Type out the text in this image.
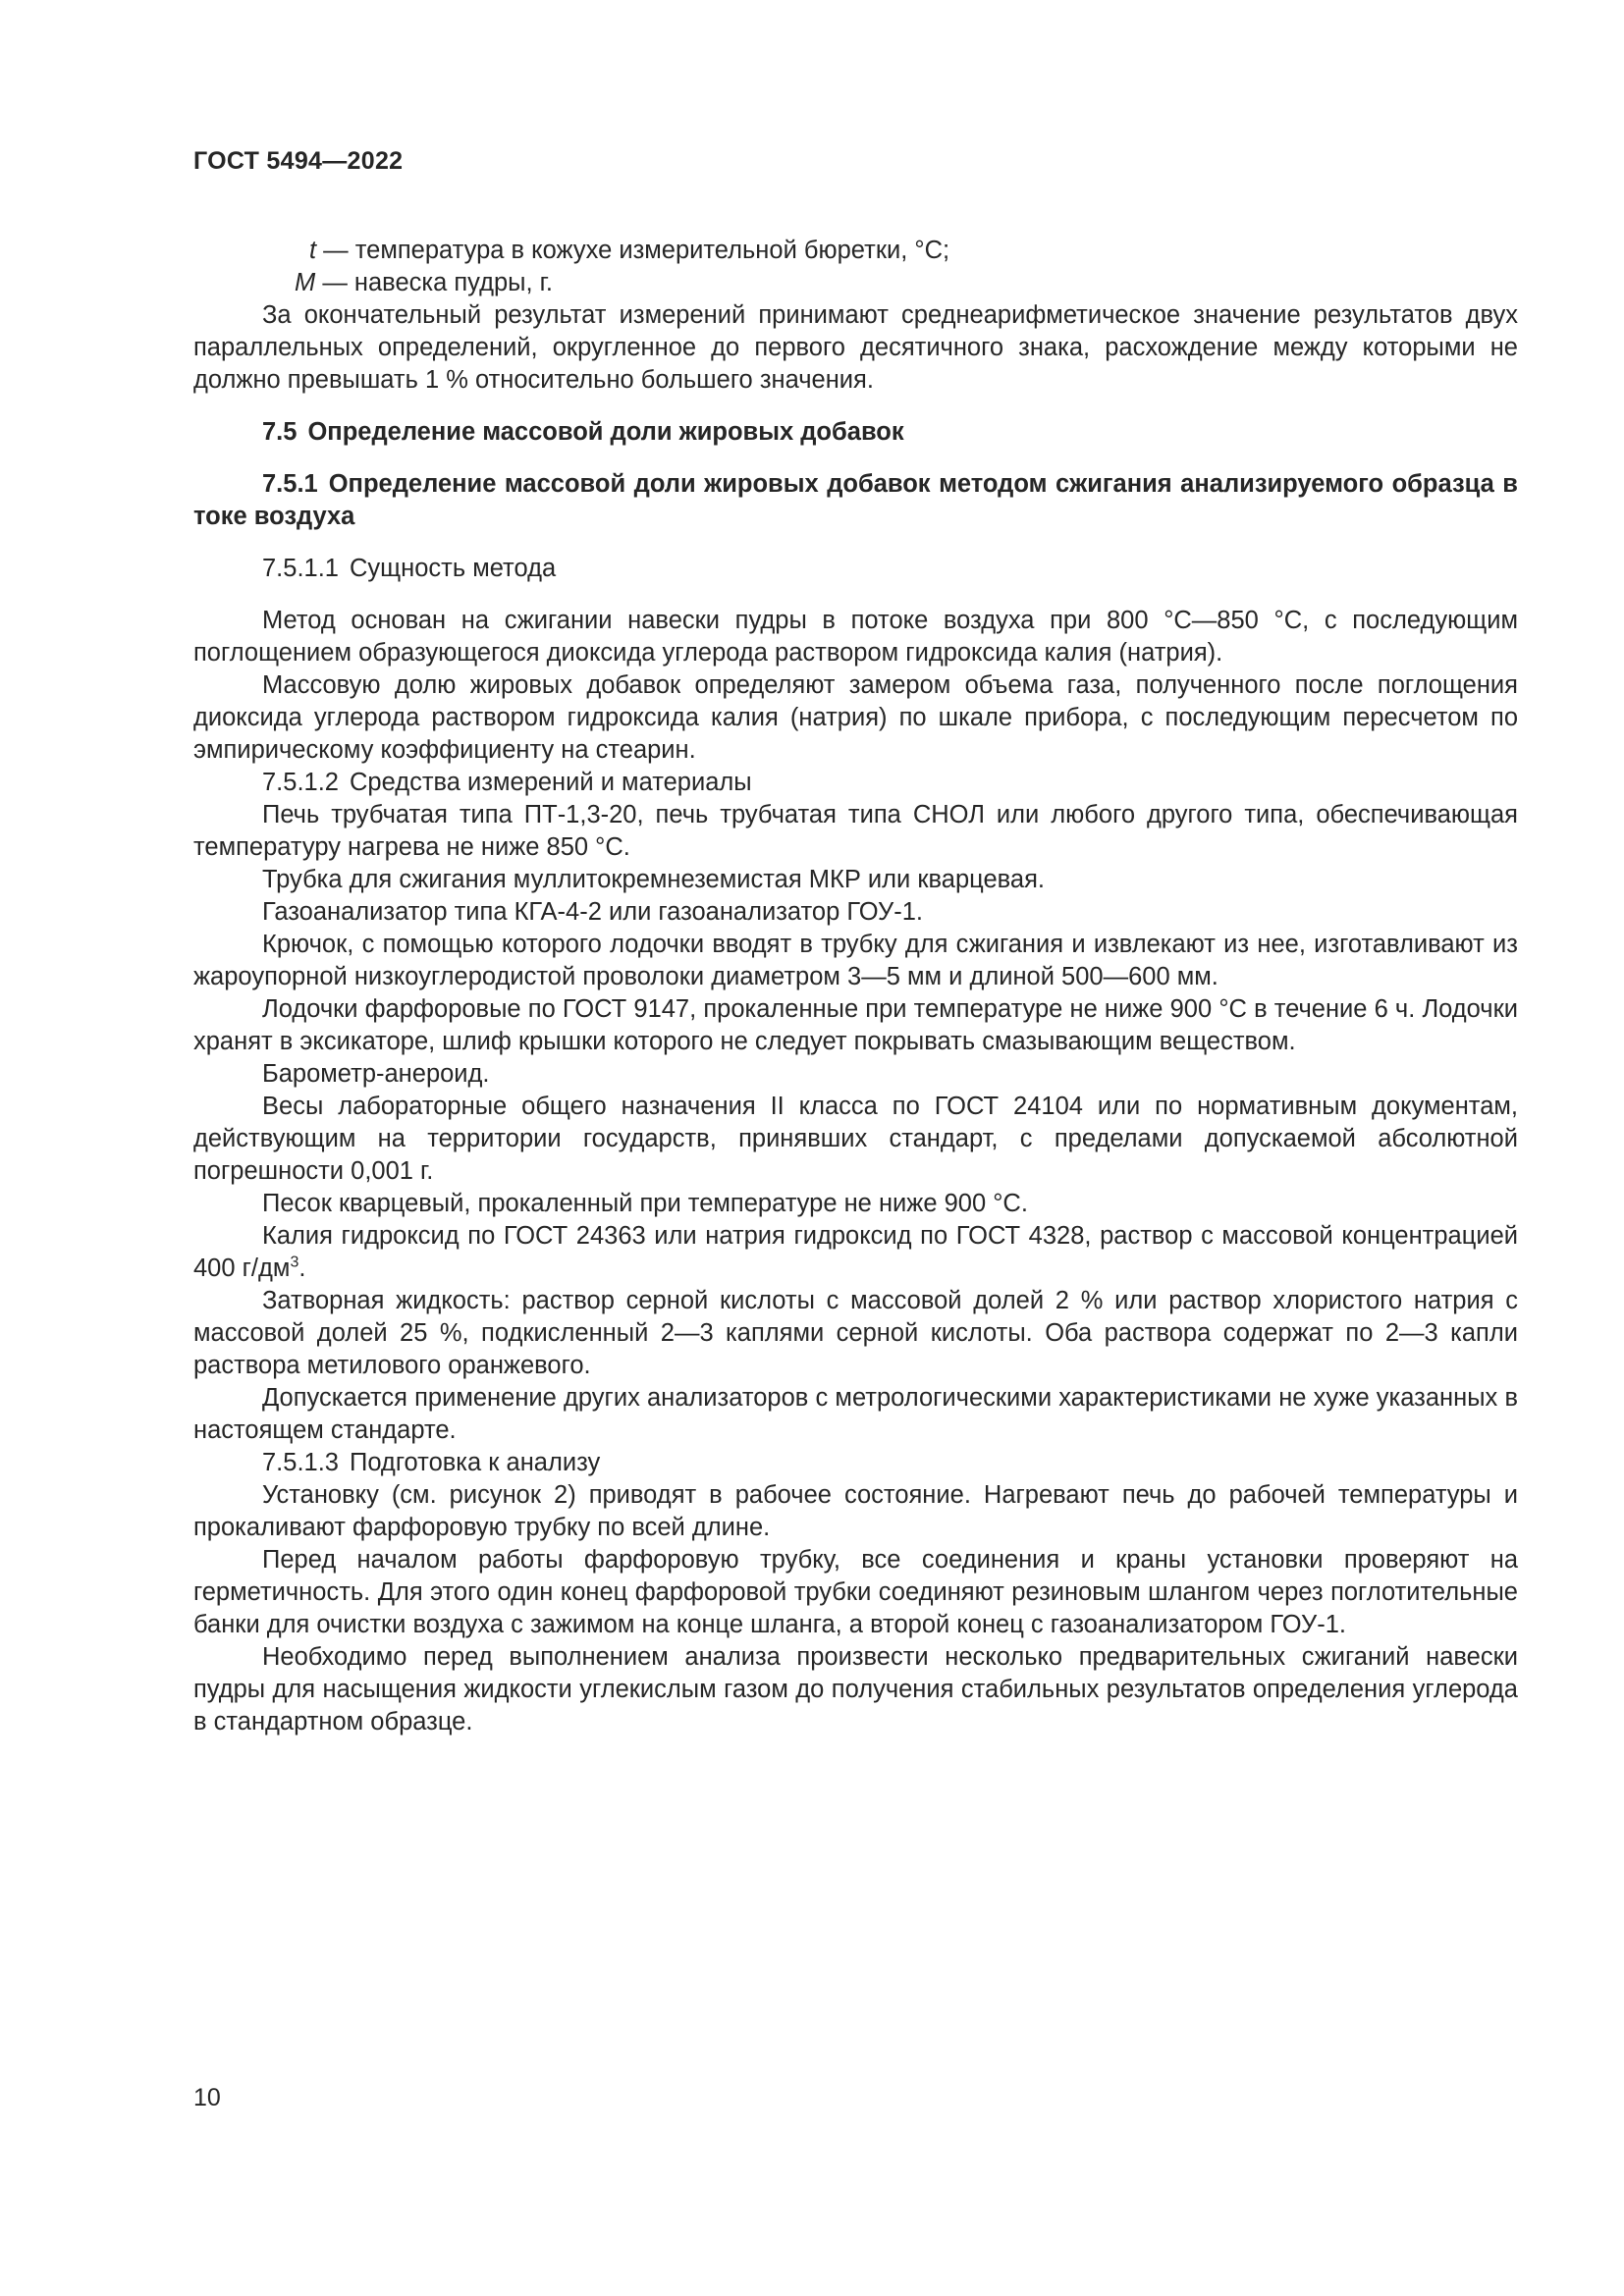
ГОСТ 5494—2022

t — температура в кожухе измерительной бюретки, °С;

M — навеска пудры, г.

За окончательный результат измерений принимают среднеарифметическое значение результатов двух параллельных определений, округленное до первого десятичного знака, расхождение между которыми не должно превышать 1 % относительно большего значения.

7.5 Определение массовой доли жировых добавок

7.5.1 Определение массовой доли жировых добавок методом сжигания анализируемого образца в токе воздуха

7.5.1.1 Сущность метода

Метод основан на сжигании навески пудры в потоке воздуха при 800 °С—850 °С, с последующим поглощением образующегося диоксида углерода раствором гидроксида калия (натрия).

Массовую долю жировых добавок определяют замером объема газа, полученного после поглощения диоксида углерода раствором гидроксида калия (натрия) по шкале прибора, с последующим пересчетом по эмпирическому коэффициенту на стеарин.

7.5.1.2 Средства измерений и материалы

Печь трубчатая типа ПТ-1,3-20, печь трубчатая типа СНОЛ или любого другого типа, обеспечивающая температуру нагрева не ниже 850 °С.

Трубка для сжигания муллитокремнеземистая МКР или кварцевая.

Газоанализатор типа КГА-4-2 или газоанализатор ГОУ-1.

Крючок, с помощью которого лодочки вводят в трубку для сжигания и извлекают из нее, изготавливают из жароупорной низкоуглеродистой проволоки диаметром 3—5 мм и длиной 500—600 мм.

Лодочки фарфоровые по ГОСТ 9147, прокаленные при температуре не ниже 900 °С в течение 6 ч. Лодочки хранят в эксикаторе, шлиф крышки которого не следует покрывать смазывающим веществом.

Барометр-анероид.

Весы лабораторные общего назначения II класса по ГОСТ 24104 или по нормативным документам, действующим на территории государств, принявших стандарт, с пределами допускаемой абсолютной погрешности 0,001 г.

Песок кварцевый, прокаленный при температуре не ниже 900 °С.

Калия гидроксид по ГОСТ 24363 или натрия гидроксид по ГОСТ 4328, раствор с массовой концентрацией 400 $г/дм^3$.

Затворная жидкость: раствор серной кислоты с массовой долей 2 % или раствор хлористого натрия с массовой долей 25 %, подкисленный 2—3 каплями серной кислоты. Оба раствора содержат по 2—3 капли раствора метилового оранжевого.

Допускается применение других анализаторов с метрологическими характеристиками не хуже указанных в настоящем стандарте.

7.5.1.3 Подготовка к анализу

Установку (см. рисунок 2) приводят в рабочее состояние. Нагревают печь до рабочей температуры и прокаливают фарфоровую трубку по всей длине.

Перед началом работы фарфоровую трубку, все соединения и краны установки проверяют на герметичность. Для этого один конец фарфоровой трубки соединяют резиновым шлангом через поглотительные банки для очистки воздуха с зажимом на конце шланга, а второй конец с газоанализатором ГОУ-1.

Необходимо перед выполнением анализа произвести несколько предварительных сжиганий навески пудры для насыщения жидкости углекислым газом до получения стабильных результатов определения углерода в стандартном образце.

10
